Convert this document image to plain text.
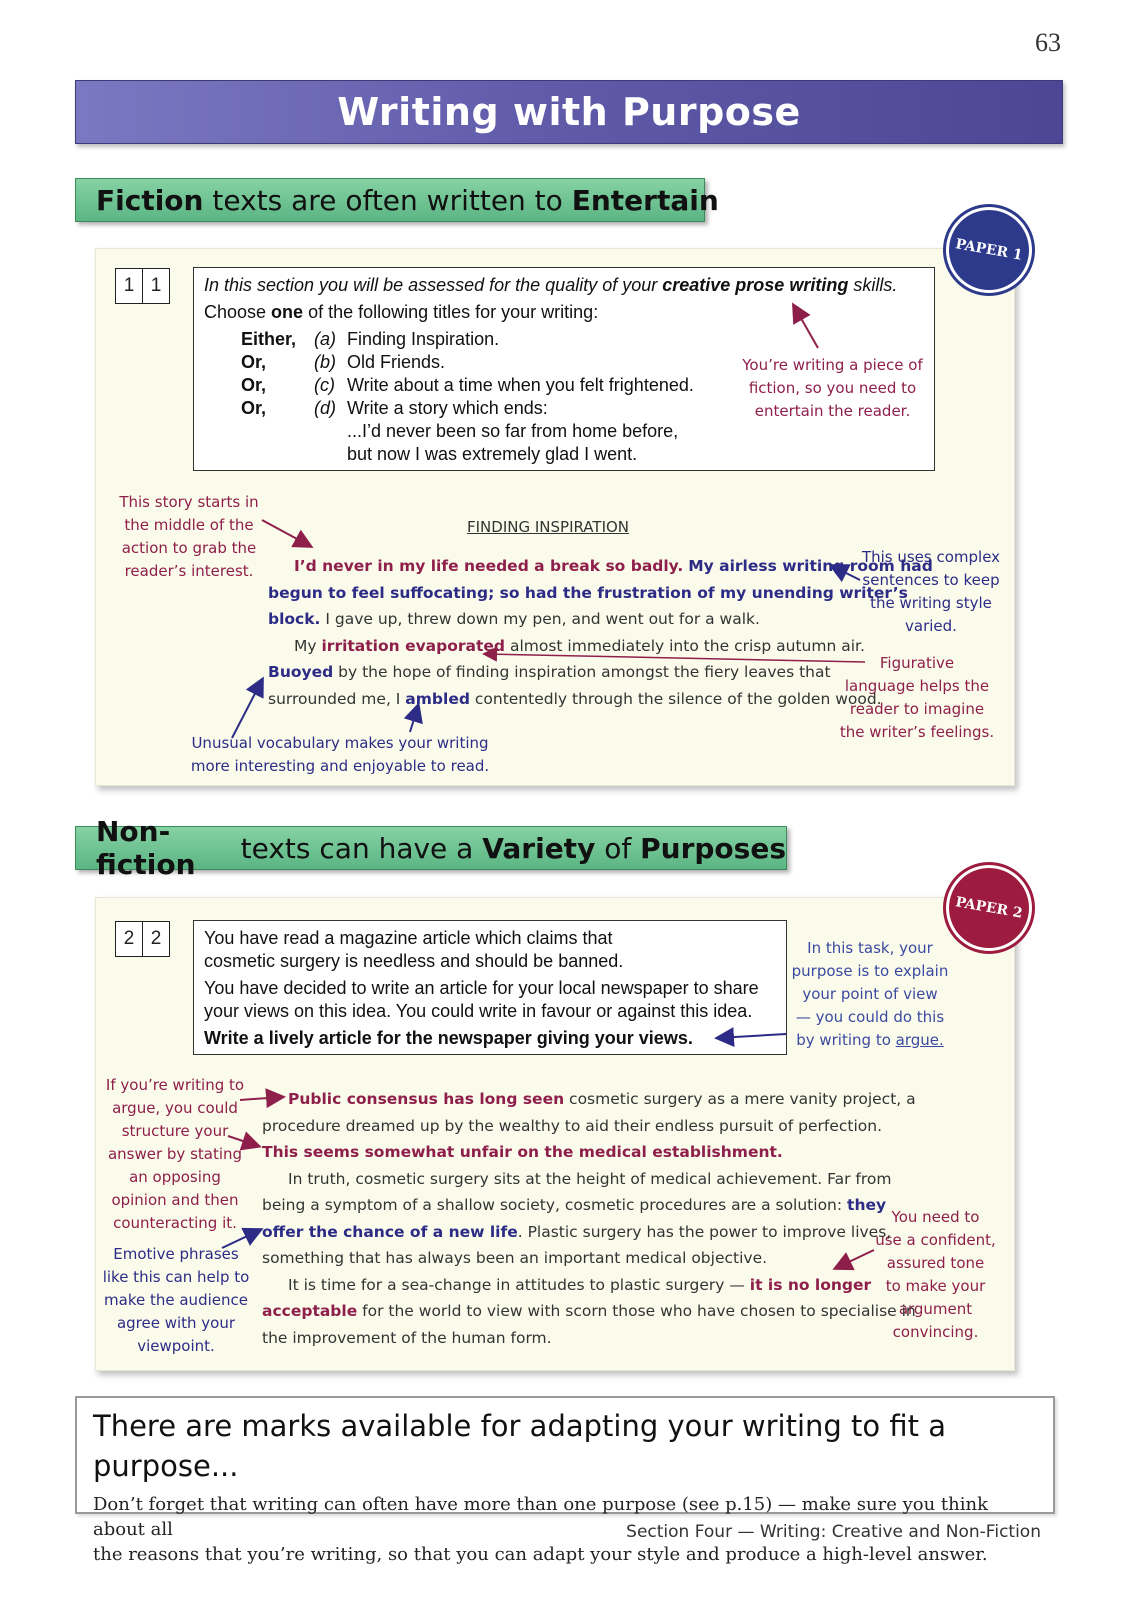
63
Writing with Purpose
Fiction texts are often written to Entertain
PAPER 1
1 1	In this section you will be assessed for the quality of your creative prose writing skills.
Choose one of the following titles for your writing:
Either, (a) Finding Inspiration.
Or,	(b) Old Friends.
Or,	(c) Write about a time when you felt frightened.
Or,	(d) Write a story which ends:
...I’d never been so far from home before,
but now I was extremely glad I went.
You’re writing a piece of
fiction, so you need to
entertain the reader.
This story starts in
the middle of the
action to grab the
reader’s interest.
This uses complex
sentences to keep
the writing style
varied.
Figurative
language helps the
reader to imagine
the writer’s feelings.
Unusual vocabulary makes your writing
more interesting and enjoyable to read.
FINDING INSPIRATION
I’d never in my life needed a break so badly. My airless writing room had
begun to feel suffocating; so had the frustration of my unending writer’s
block. I gave up, threw down my pen, and went out for a walk.
My irritation evaporated almost immediately into the crisp autumn air.
Buoyed by the hope of finding inspiration amongst the fiery leaves that
surrounded me, I ambled contentedly through the silence of the golden wood.
Non-fiction	texts can have a Variety of Purposes
PAPER 2
2 2	You have read a magazine article which claims that
cosmetic surgery is needless and should be banned.
You have decided to write an article for your local newspaper to share
your views on this idea. You could write in favour or against this idea.
Write a lively article for the newspaper giving your views.
In this task, your
purpose is to explain
your point of view
— you could do this
by writing to argue.
If you’re writing to
argue, you could
structure your
answer by stating
an opposing
opinion and then
counteracting it.
Emotive phrases
like this can help to
make the audience
agree with your
viewpoint.
You need to
use a confident,
assured tone
to make your
argument
convincing.
Public consensus has long seen cosmetic surgery as a mere vanity project, a
procedure dreamed up by the wealthy to aid their endless pursuit of perfection.
This seems somewhat unfair on the medical establishment.
In truth, cosmetic surgery sits at the height of medical achievement. Far from
being a symptom of a shallow society, cosmetic procedures are a solution: they
offer the chance of a new life. Plastic surgery has the power to improve lives,
something that has always been an important medical objective.
It is time for a sea-change in attitudes to plastic surgery — it is no longer
acceptable for the world to view with scorn those who have chosen to specialise in
the improvement of the human form.
There are marks available for adapting your writing to fit a purpose...
Don’t forget that writing can often have more than one purpose (see p.15) — make sure you think about all
the reasons that you’re writing, so that you can adapt your style and produce a high-level answer.
Section Four — Writing: Creative and Non-Fiction
